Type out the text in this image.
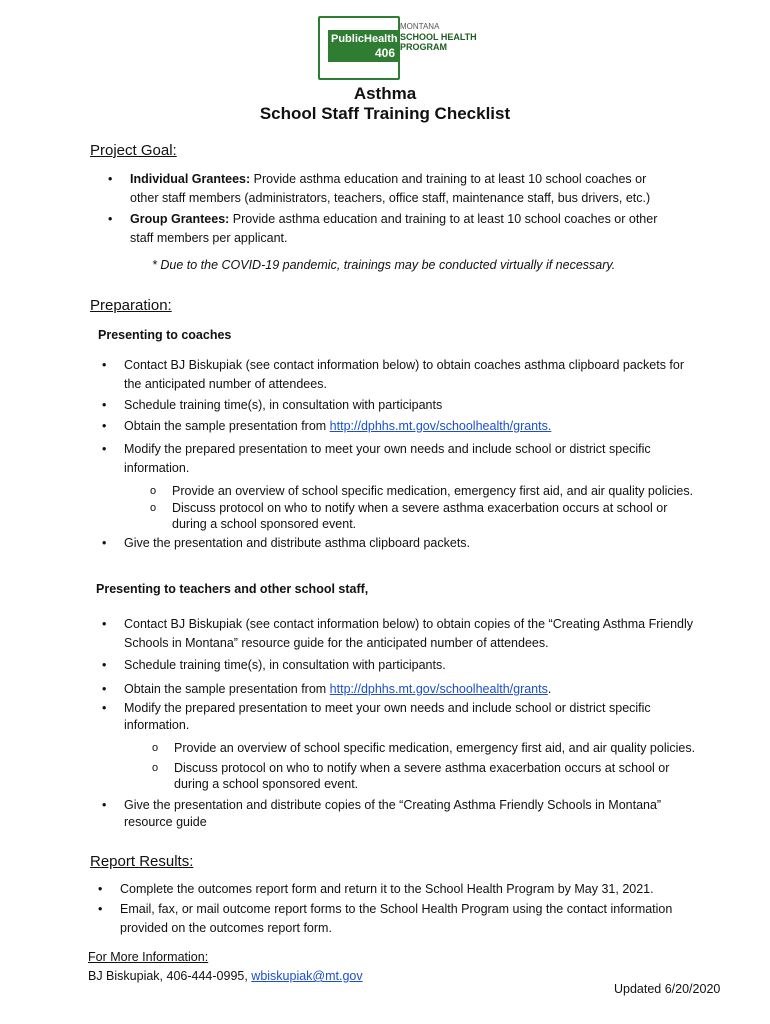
PublicHealth
406
MONTANA
SCHOOL HEALTH
PROGRAM
Asthma
School Staff Training Checklist
Project Goal:
• Individual Grantees: Provide asthma education and training to at least 10 school coaches or other staff members (administrators, teachers, office staff, maintenance staff, bus drivers, etc.)
• Group Grantees: Provide asthma education and training to at least 10 school coaches or other staff members per applicant.
* Due to the COVID-19 pandemic, trainings may be conducted virtually if necessary.
Preparation:
Presenting to coaches
• Contact BJ Biskupiak (see contact information below) to obtain coaches asthma clipboard packets for the anticipated number of attendees.
• Schedule training time(s), in consultation with participants
• Obtain the sample presentation from http://dphhs.mt.gov/schoolhealth/grants.
• Modify the prepared presentation to meet your own needs and include school or district specific information.
o Provide an overview of school specific medication, emergency first aid, and air quality policies.
o Discuss protocol on who to notify when a severe asthma exacerbation occurs at school or during a school sponsored event.
• Give the presentation and distribute asthma clipboard packets.
Presenting to teachers and other school staff,
• Contact BJ Biskupiak (see contact information below) to obtain copies of the “Creating Asthma Friendly Schools in Montana” resource guide for the anticipated number of attendees.
• Schedule training time(s), in consultation with participants.
• Obtain the sample presentation from http://dphhs.mt.gov/schoolhealth/grants.
• Modify the prepared presentation to meet your own needs and include school or district specific information.
o Provide an overview of school specific medication, emergency first aid, and air quality policies.
o Discuss protocol on who to notify when a severe asthma exacerbation occurs at school or during a school sponsored event.
• Give the presentation and distribute copies of the “Creating Asthma Friendly Schools in Montana” resource guide
Report Results:
• Complete the outcomes report form and return it to the School Health Program by May 31, 2021.
• Email, fax, or mail outcome report forms to the School Health Program using the contact information provided on the outcomes report form.
For More Information:
BJ Biskupiak, 406-444-0995, wbiskupiak@mt.gov
Updated 6/20/2020
